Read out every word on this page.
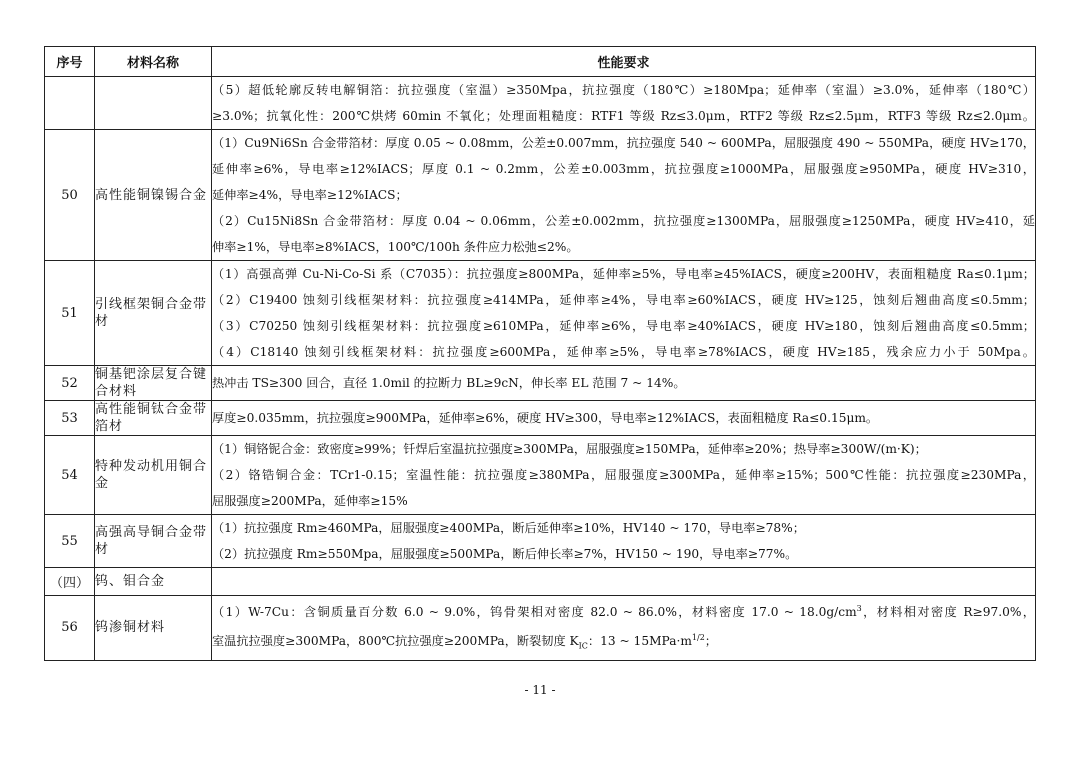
序号	材料名称	性能要求

		（5）超低轮廓反转电解铜箔：抗拉强度（室温）≥350Mpa，抗拉强度（180℃）≥180Mpa；延伸率（室温）≥3.0%，延伸率（180℃）
≥3.0%；抗氧化性：200℃烘烤 60min 不氧化；处理面粗糙度：RTF1 等级 Rz≤3.0μm，RTF2 等级 Rz≤2.5μm，RTF3 等级 Rz≤2.0μm。

50	高性能铜镍锡合金	（1）Cu9Ni6Sn 合金带箔材：厚度 0.05 ~ 0.08mm，公差±0.007mm，抗拉强度 540 ~ 600MPa，屈服强度 490 ~ 550MPa，硬度 HV≥170，
延伸率≥6%，导电率≥12%IACS；厚度 0.1 ~ 0.2mm，公差±0.003mm，抗拉强度≥1000MPa，屈服强度≥950MPa，硬度 HV≥310，
延伸率≥4%，导电率≥12%IACS；
（2）Cu15Ni8Sn 合金带箔材：厚度 0.04 ~ 0.06mm，公差±0.002mm，抗拉强度≥1300MPa，屈服强度≥1250MPa，硬度 HV≥410，延
伸率≥1%，导电率≥8%IACS，100℃/100h 条件应力松弛≤2%。

51	引线框架铜合金带材	（1）高强高弹 Cu-Ni-Co-Si 系（C7035）：抗拉强度≥800MPa，延伸率≥5%，导电率≥45%IACS，硬度≥200HV，表面粗糙度 Ra≤0.1μm；
（2）C19400 蚀刻引线框架材料：抗拉强度≥414MPa，延伸率≥4%，导电率≥60%IACS，硬度 HV≥125，蚀刻后翘曲高度≤0.5mm；
（3）C70250 蚀刻引线框架材料：抗拉强度≥610MPa，延伸率≥6%，导电率≥40%IACS，硬度 HV≥180，蚀刻后翘曲高度≤0.5mm；
（4）C18140 蚀刻引线框架材料：抗拉强度≥600MPa，延伸率≥5%，导电率≥78%IACS，硬度 HV≥185，残余应力小于 50Mpa。

52	铜基钯涂层复合键合材料	热冲击 TS≥300 回合，直径 1.0mil 的拉断力 BL≥9cN，伸长率 EL 范围 7 ~ 14%。

53	高性能铜钛合金带箔材	厚度≥0.035mm，抗拉强度≥900MPa，延伸率≥6%，硬度 HV≥300，导电率≥12%IACS，表面粗糙度 Ra≤0.15μm。

54	特种发动机用铜合金	（1）铜铬铌合金：致密度≥99%；钎焊后室温抗拉强度≥300MPa，屈服强度≥150MPa，延伸率≥20%；热导率≥300W/(m·K)；
（2）铬锆铜合金：TCr1-0.15；室温性能：抗拉强度≥380MPa，屈服强度≥300MPa，延伸率≥15%；500℃性能：抗拉强度≥230MPa，
屈服强度≥200MPa，延伸率≥15%

55	高强高导铜合金带材	（1）抗拉强度 Rm≥460MPa，屈服强度≥400MPa，断后延伸率≥10%，HV140 ~ 170，导电率≥78%；
（2）抗拉强度 Rm≥550Mpa，屈服强度≥500MPa，断后伸长率≥7%，HV150 ~ 190，导电率≥77%。

（四）	钨、钼合金	
56	钨渗铜材料	（1）W-7Cu：含铜质量百分数 6.0 ~ 9.0%，钨骨架相对密度 82.0 ~ 86.0%，材料密度 17.0 ~ $18.0g/cm^3$，材料相对密度 R≥97.0%，
室温抗拉强度≥300MPa，800℃抗拉强度≥200MPa，断裂韧度 $K_{IC}$：13 ~ $15MPa\cdot m^{1/2}$；
- 11 -
